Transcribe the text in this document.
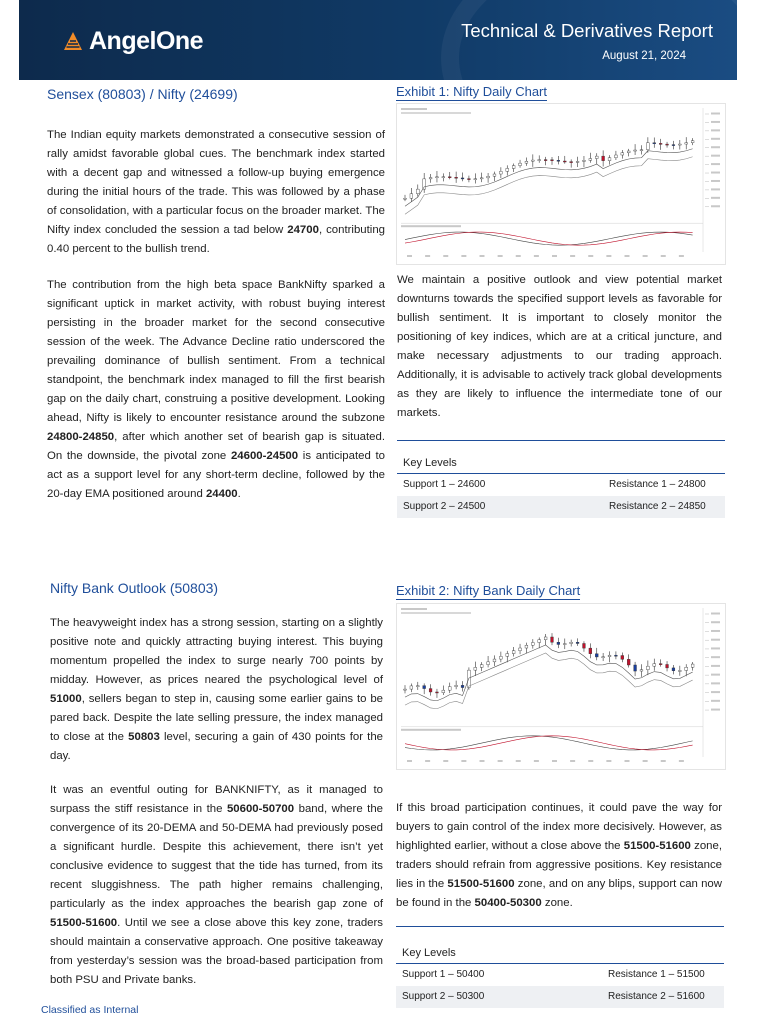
AngelOne	Technical & Derivatives Report
August 21, 2024
Sensex (80803) / Nifty (24699)

The Indian equity markets demonstrated a consecutive session of rally amidst favorable global cues. The benchmark index started with a decent gap and witnessed a follow-up buying emergence during the initial hours of the trade. This was followed by a phase of consolidation, with a particular focus on the broader market. The Nifty index concluded the session a tad below 24700, contributing 0.40 percent to the bullish trend.

The contribution from the high beta space BankNifty sparked a significant uptick in market activity, with robust buying interest persisting in the broader market for the second consecutive session of the week. The Advance Decline ratio underscored the prevailing dominance of bullish sentiment. From a technical standpoint, the benchmark index managed to fill the first bearish gap on the daily chart, construing a positive development. Looking ahead, Nifty is likely to encounter resistance around the subzone 24800-24850, after which another set of bearish gap is situated. On the downside, the pivotal zone 24600-24500 is anticipated to act as a support level for any short-term decline, followed by the 20-day EMA positioned around 24400.

Exhibit 1: Nifty Daily Chart

We maintain a positive outlook and view potential market downturns towards the specified support levels as favorable for bullish sentiment. It is important to closely monitor the positioning of key indices, which are at a critical juncture, and make necessary adjustments to our trading approach. Additionally, it is advisable to actively track global developments as they are likely to influence the intermediate tone of our markets.

Key Levels
Support 1 – 24600	Resistance 1 – 24800
Support 2 – 24500	Resistance 2 – 24850
Nifty Bank Outlook (50803)

The heavyweight index has a strong session, starting on a slightly positive note and quickly attracting buying interest. This buying momentum propelled the index to surge nearly 700 points by midday. However, as prices neared the psychological level of 51000, sellers began to step in, causing some earlier gains to be pared back. Despite the late selling pressure, the index managed to close at the 50803 level, securing a gain of 430 points for the day.

It was an eventful outing for BANKNIFTY, as it managed to surpass the stiff resistance in the 50600-50700 band, where the convergence of its 20-DEMA and 50-DEMA had previously posed a significant hurdle. Despite this achievement, there isn’t yet conclusive evidence to suggest that the tide has turned, from its recent sluggishness. The path higher remains challenging, particularly as the index approaches the bearish gap zone of 51500-51600. Until we see a close above this key zone, traders should maintain a conservative approach. One positive takeaway from yesterday’s session was the broad-based participation from both PSU and Private banks.

Exhibit 2: Nifty Bank Daily Chart

If this broad participation continues, it could pave the way for buyers to gain control of the index more decisively. However, as highlighted earlier, without a close above the 51500-51600 zone, traders should refrain from aggressive positions. Key resistance lies in the 51500-51600 zone, and on any blips, support can now be found in the 50400-50300 zone.

Key Levels
Support 1 – 50400	Resistance 1 – 51500
Support 2 – 50300	Resistance 2 – 51600
Classified as Internal
